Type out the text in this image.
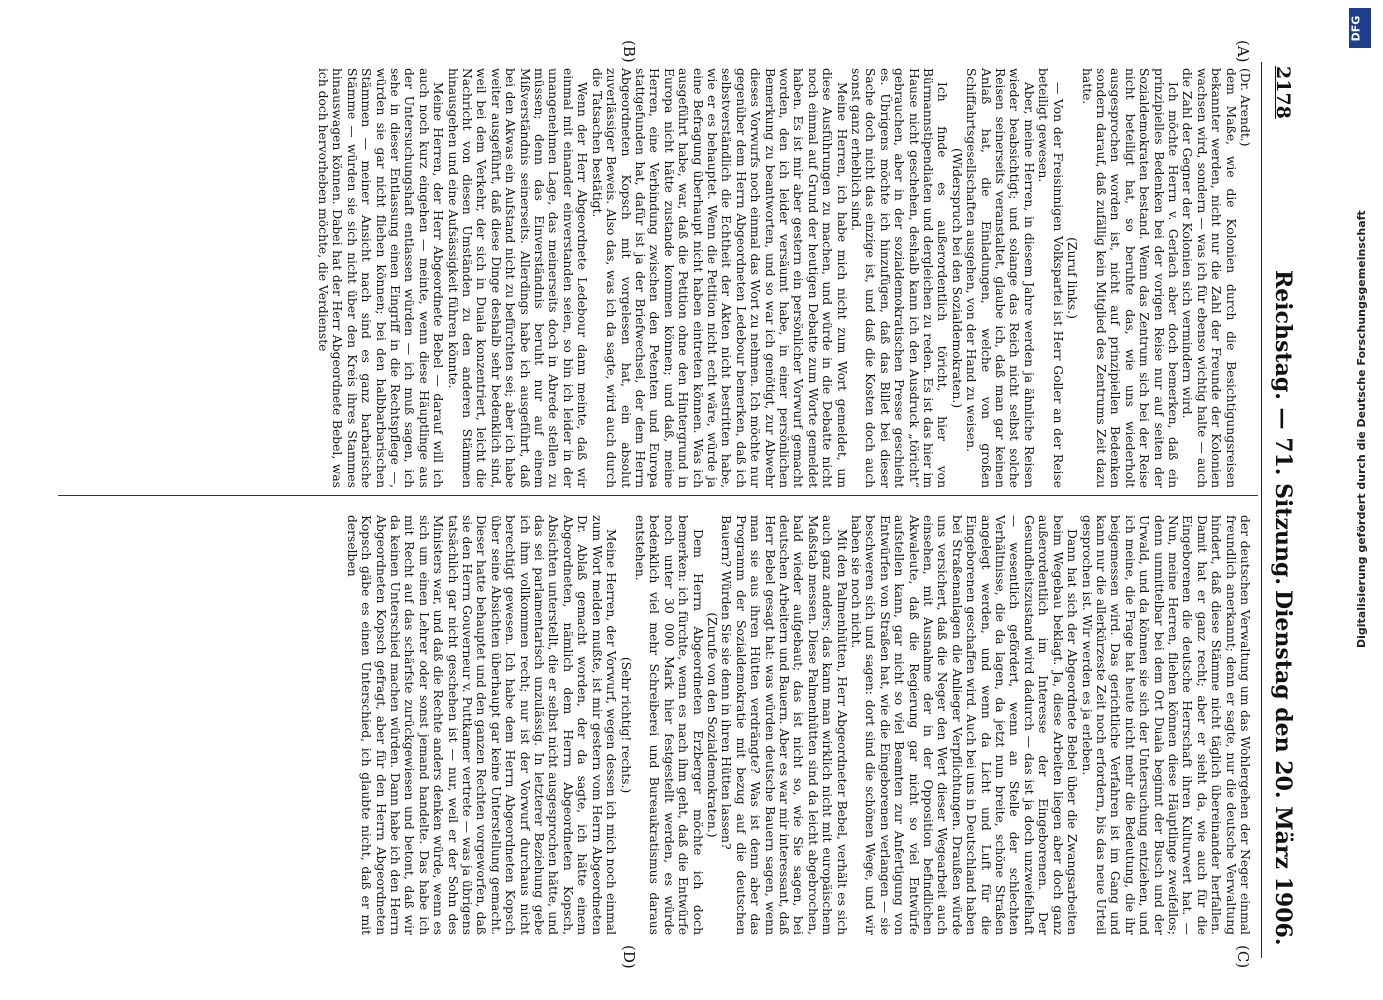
2178
Reichstag. — 71. Sitzung.
Dienstag den 20. März 1906.
(A)
(B)
(C)
(D)

(Dr. Arendt.)

dem Maße, wie die Kolonien durch die Besichtigungsreisen bekannter werden, nicht nur die Zahl der Freunde der Kolonien wachsen wird, sondern — was ich für ebenso wichtig halte — auch die Zahl der Gegner der Kolonien sich vermindern wird.

Ich möchte Herrn v. Gerlach aber doch bemerken, daß ein prinzipielles Bedenken bei der vorigen Reise nur auf seiten der Sozialdemokraten bestand. Wenn das Zentrum sich bei der Reise nicht beteiligt hat, so beruhte das, wie uns wiederholt ausgesprochen worden ist, nicht auf prinzipiellen Bedenken sondern darauf, daß zufällig kein Mitglied des Zentrums Zeit dazu hatte.

(Zuruf links.)

— Von der Freisinnigen Volkspartei ist Herr Goller an der Reise beteiligt gewesen.

Aber, meine Herren, in diesem Jahre werden ja ähnliche Reisen wieder beabsichtigt; und solange das Reich nicht selbst solche Reisen seinerseits veranstaltet, glaube ich, daß man gar keinen Anlaß hat, die Einladungen, welche von großen Schiffahrtsgesellschaften ausgehen, von der Hand zu weisen.

(Widerspruch bei den Sozialdemokraten.)

Ich finde es außerordentlich töricht, hier von Bürmannstipendiaten und dergleichen zu reden. Es ist das hier im Hause nicht geschehen, deshalb kann ich den Ausdruck „töricht“ gebrauchen, aber in der sozialdemokratischen Presse geschieht es. Übrigens möchte ich hinzufügen, daß das Billet bei dieser Sache doch nicht das einzige ist, und daß die Kosten doch auch sonst ganz erheblich sind.

Meine Herren, ich habe mich nicht zum Wort gemeldet, um diese Ausführungen zu machen, und würde in die Debatte nicht noch einmal auf Grund der heutigen Debatte zum Worte gemeldet haben. Es ist mir aber gestern ein persönlicher Vorwurf gemacht worden, den ich leider versäumt habe, in einer persönlichen Bemerkung zu beantworten, und so war ich genötigt, zur Abwehr dieses Vorwurfs noch einmal das Wort zu nehmen. Ich möchte nur gegenüber dem Herrn Abgeordneten Ledebour bemerken, daß ich selbstverständlich die Echtheit der Akten nicht bestritten habe, wie er es behauptet. Wenn die Petition nicht echt wäre, würde ja eine Befragung überhaupt nicht haben eintreten können. Was ich ausgeführt habe, war, daß die Petition ohne den Hintergrund in Europa nicht hätte zustande kommen können; und daß, meine Herren, eine Verbindung zwischen den Petenten und Europa stattgefunden hat, dafür ist ja der Briefwechsel, der dem Herrn Abgeordneten Kopsch mit vorgelesen hat, ein absolut zuverlässiger Beweis. Also das, was ich da sagte, wird auch durch die Tatsachen bestätigt.

Wenn der Herr Abgeordnete Ledebour dann meinte, daß wir einmal mit einander einverstanden seien, so bin ich leider in der unangenehmen Lage, das meinerseits doch in Abrede stellen zu müssen; denn das Einverständnis beruht nur auf einem Mißverständnis seinerseits. Allerdings habe ich ausgeführt, daß bei den Akwas ein Aufstand nicht zu befürchten sei; aber ich habe weiter ausgeführt, daß diese Dinge deshalb sehr bedenklich sind, weil bei dem Verkehr, der sich in Duala konzentriert, leicht die Nachricht von diesen Umständen zu den anderen Stämmen hinausgehen und eine Aufsässigkeit führen könnte.

Meine Herren, der Herr Abgeordnete Bebel — darauf will ich auch noch kurz eingehen — meinte, wenn diese Häuptlinge aus der Untersuchungshaft entlassen würden — ich muß sagen, ich sehe in dieser Entlassung einen Eingriff in die Rechtspflege —, würden sie gar nicht fliehen können; bei den halbbarbarischen Stämmen — meiner Ansicht nach sind es ganz barbarische Stämme — würden sie sich nicht über den Kreis ihres Stammes hinauswagen können. Dabei hat der Herr Abgeordnete Bebel, was ich doch hervorheben möchte, die Verdienste

der deutschen Verwaltung um das Wohlergehen der Neger einmal freundlich anerkannt; denn er sagte, nur die deutsche Verwaltung hindert, daß diese Stämme nicht täglich übereinander herfallen. Damit hat er ganz recht; aber er sieht da, wie auch für die Eingeborenen die deutsche Herrschaft ihren Kulturwert hat. — Nun, meine Herren, fliehen können diese Häuptlinge zweifellos; denn unmittelbar bei dem Ort Duala beginnt der Busch und der Urwald, und da können sie sich der Untersuchung entziehen, und ich meine, die Frage hat heute nicht mehr die Bedeutung, die ihr beigemessen wird. Das gerichtliche Verfahren ist im Gang und kann nur die allerkürzeste Zeit noch erfordern, bis das neue Urteil gesprochen ist. Wir werden es ja erleben.

Dann hat sich der Abgeordnete Bebel über die Zwangsarbeiten beim Wegebau beklagt. Ja, diese Arbeiten liegen aber doch ganz außerordentlich im Interesse der Eingeborenen. Der Gesundheitszustand wird dadurch — das ist ja doch unzweifelhaft — wesentlich gefördert, wenn an Stelle der schlechten Verhältnisse, die da lagen, da jetzt nun breite, schöne Straßen angelegt werden, und wenn da Licht und Luft für die Eingeborenen geschaffen wird. Auch bei uns in Deutschland haben bei Straßenanlagen die Anlieger Verpflichtungen. Draußen würde uns versichert, daß die Neger den Wert dieser Wegearbeit auch einsehen, mit Ausnahme der in der Opposition befindlichen Akwaleute, daß die Regierung gar nicht so viel Entwürfe aufstellen kann, gar nicht so viel Beamten zur Anfertigung von Entwürfen von Straßen hat, wie die Eingeborenen verlangen — sie beschweren sich und sagen: dort sind die schönen Wege, und wir haben sie noch nicht.

Mit den Palmenhütten, Herr Abgeordneter Bebel, verhält es sich auch ganz anders; das kann man wirklich nicht mit europäischem Maßstab messen. Diese Palmenhütten sind da leicht abgebrochen, bald wieder aufgebaut; das ist nicht so, wie Sie sagen, bei deutschen Arbeitern und Bauern. Aber es war mir interessant, daß Herr Bebel gesagt hat: was würden deutsche Bauern sagen, wenn man sie aus ihren Hütten verdrängte? Was ist denn aber das Programm der Sozialdemokratie mit bezug auf die deutschen Bauern? Würden Sie sie denn in ihren Hütten lassen?

(Zurufe von den Sozialdemokraten.)

Dem Herrn Abgeordneten Erzberger möchte ich doch bemerken: ich fürchte, wenn es nach ihm geht, daß die Entwürfe noch unter 30 000 Mark hier festgestellt werden, es würde bedenklich viel mehr Schreiberei und Bureaukratismus daraus entstehen.

(Sehr richtig! rechts.)

Meine Herren, der Vorwurf, wegen dessen ich mich noch einmal zum Wort melden mußte, ist mir gestern vom Herrn Abgeordneten Dr. Ablaß gemacht worden, der da sagte, ich hätte einem Abgeordneten, nämlich dem Herrn Abgeordneten Kopsch, Absichten unterstellt, die er selbst nicht ausgesprochen hätte, und das sei parlamentarisch unzulässig. In letzterer Beziehung gebe ich ihm vollkommen recht; nur ist der Vorwurf durchaus nicht berechtigt gewesen. Ich habe dem Herrn Abgeordneten Kopsch über seine Absichten überhaupt gar keine Unterstellung gemacht. Dieser hatte behauptet und den ganzen Rechten vorgeworfen, daß sie den Herrn Gouverneur v. Puttkamer vertrete — was ja übrigens tatsächlich gar nicht geschehen ist — nur, weil er der Sohn des Ministers war, und daß die Rechte anders denken würde, wenn es sich um einen Lehrer oder sonst jemand handelte. Das habe ich mit Recht auf das schärfste zurückgewiesen und betont, daß wir da keinen Unterschied machen würden. Dann habe ich den Herrn Abgeordneten Kopsch gefragt, aber für den Herrn Abgeordneten Kopsch gäbe es einen Unterschied, ich glaubte nicht, daß er mit derselben

DFG
Digitalisierung gefördert durch die Deutsche Forschungsgemeinschaft
